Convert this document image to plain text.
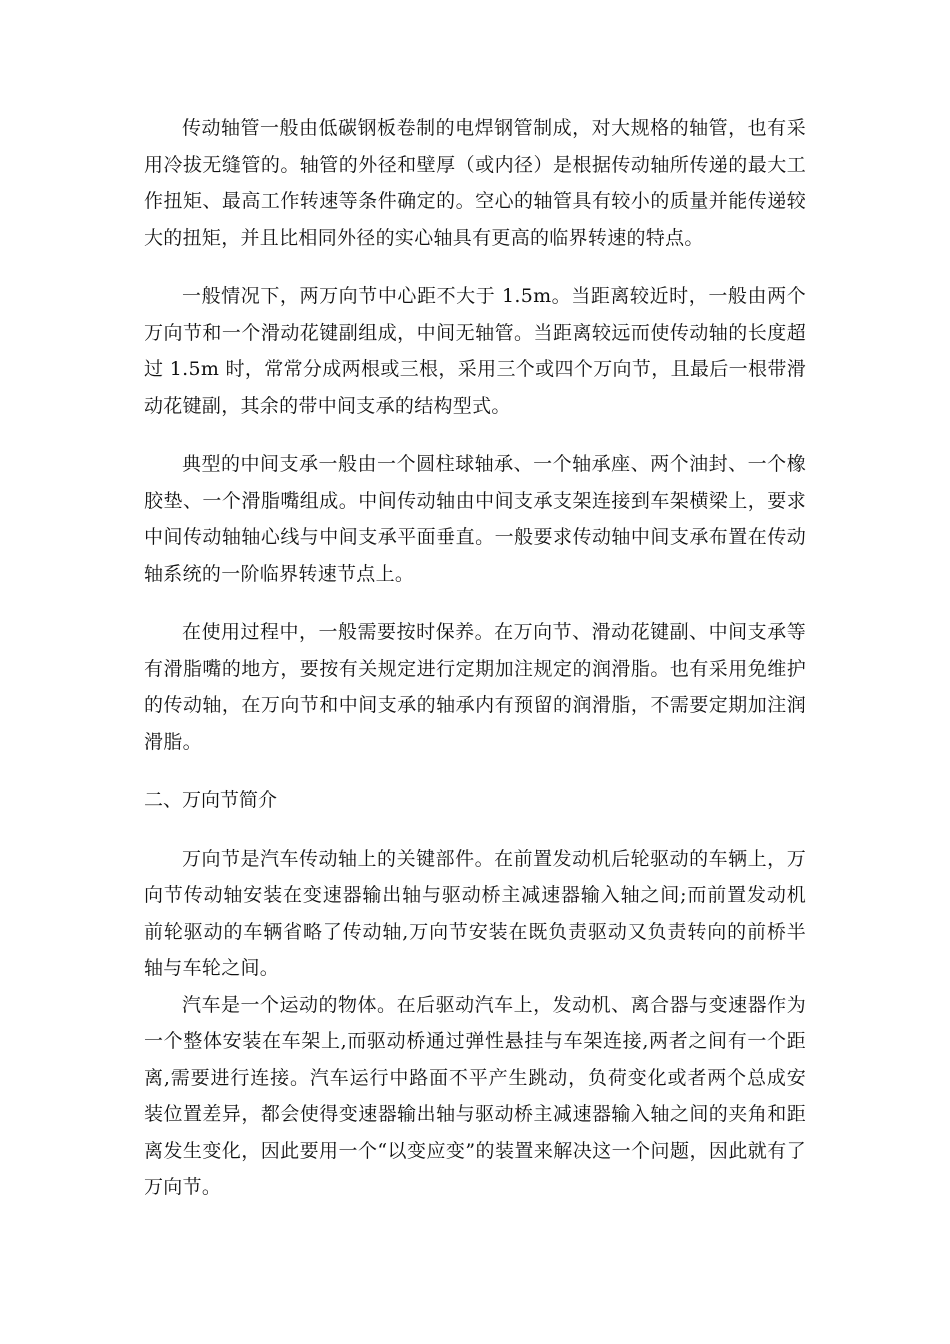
传动轴管一般由低碳钢板卷制的电焊钢管制成，对大规格的轴管，也有采用冷拔无缝管的。轴管的外径和壁厚（或内径）是根据传动轴所传递的最大工作扭矩、最高工作转速等条件确定的。空心的轴管具有较小的质量并能传递较大的扭矩，并且比相同外径的实心轴具有更高的临界转速的特点。

一般情况下，两万向节中心距不大于 1.5m。当距离较近时，一般由两个万向节和一个滑动花键副组成，中间无轴管。当距离较远而使传动轴的长度超过 1.5m 时，常常分成两根或三根，采用三个或四个万向节，且最后一根带滑动花键副，其余的带中间支承的结构型式。

典型的中间支承一般由一个圆柱球轴承、一个轴承座、两个油封、一个橡胶垫、一个滑脂嘴组成。中间传动轴由中间支承支架连接到车架横梁上，要求中间传动轴轴心线与中间支承平面垂直。一般要求传动轴中间支承布置在传动轴系统的一阶临界转速节点上。

在使用过程中，一般需要按时保养。在万向节、滑动花键副、中间支承等有滑脂嘴的地方，要按有关规定进行定期加注规定的润滑脂。也有采用免维护的传动轴，在万向节和中间支承的轴承内有预留的润滑脂，不需要定期加注润滑脂。

二、万向节简介

万向节是汽车传动轴上的关键部件。在前置发动机后轮驱动的车辆上，万向节传动轴安装在变速器输出轴与驱动桥主减速器输入轴之间;而前置发动机前轮驱动的车辆省略了传动轴,万向节安装在既负责驱动又负责转向的前桥半轴与车轮之间。

汽车是一个运动的物体。在后驱动汽车上，发动机、离合器与变速器作为一个整体安装在车架上,而驱动桥通过弹性悬挂与车架连接,两者之间有一个距离,需要进行连接。汽车运行中路面不平产生跳动，负荷变化或者两个总成安装位置差异，都会使得变速器输出轴与驱动桥主减速器输入轴之间的夹角和距离发生变化，因此要用一个“以变应变”的装置来解决这一个问题，因此就有了万向节。
